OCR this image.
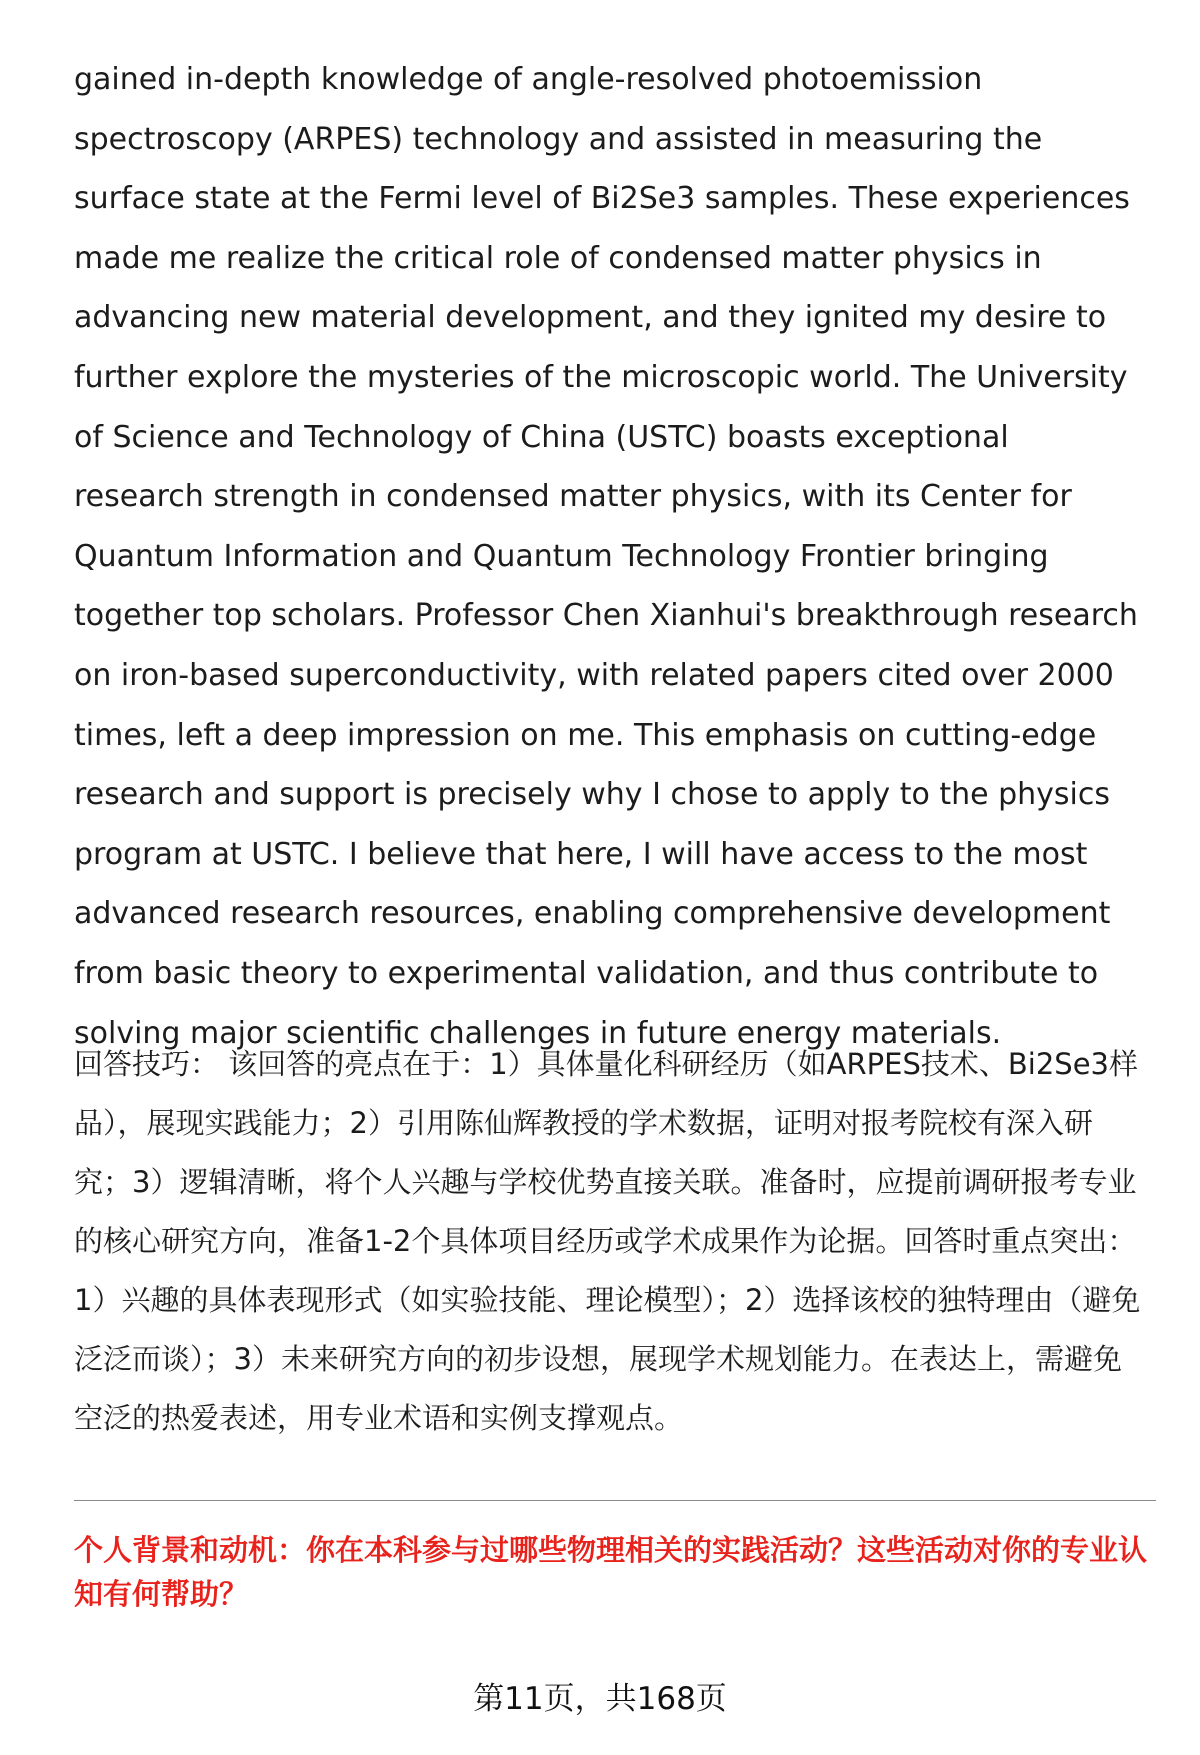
gained in-depth knowledge of angle-resolved photoemission spectroscopy (ARPES) technology and assisted in measuring the surface state at the Fermi level of Bi2Se3 samples. These experiences made me realize the critical role of condensed matter physics in advancing new material development, and they ignited my desire to further explore the mysteries of the microscopic world. The University of Science and Technology of China (USTC) boasts exceptional research strength in condensed matter physics, with its Center for Quantum Information and Quantum Technology Frontier bringing together top scholars. Professor Chen Xianhui's breakthrough research on iron-based superconductivity, with related papers cited over 2000 times, left a deep impression on me. This emphasis on cutting-edge research and support is precisely why I chose to apply to the physics program at USTC. I believe that here, I will have access to the most advanced research resources, enabling comprehensive development from basic theory to experimental validation, and thus contribute to solving major scientific challenges in future energy materials.

回答技巧： 该回答的亮点在于：1）具体量化科研经历（如ARPES技术、Bi2Se3样品），展现实践能力；2）引用陈仙辉教授的学术数据，证明对报考院校有深入研究；3）逻辑清晰，将个人兴趣与学校优势直接关联。准备时，应提前调研报考专业的核心研究方向，准备1-2个具体项目经历或学术成果作为论据。回答时重点突出：1）兴趣的具体表现形式（如实验技能、理论模型）；2）选择该校的独特理由（避免泛泛而谈）；3）未来研究方向的初步设想，展现学术规划能力。在表达上，需避免空泛的热爱表述，用专业术语和实例支撑观点。

个人背景和动机：你在本科参与过哪些物理相关的实践活动？这些活动对你的专业认知有何帮助？

第11页，共168页
